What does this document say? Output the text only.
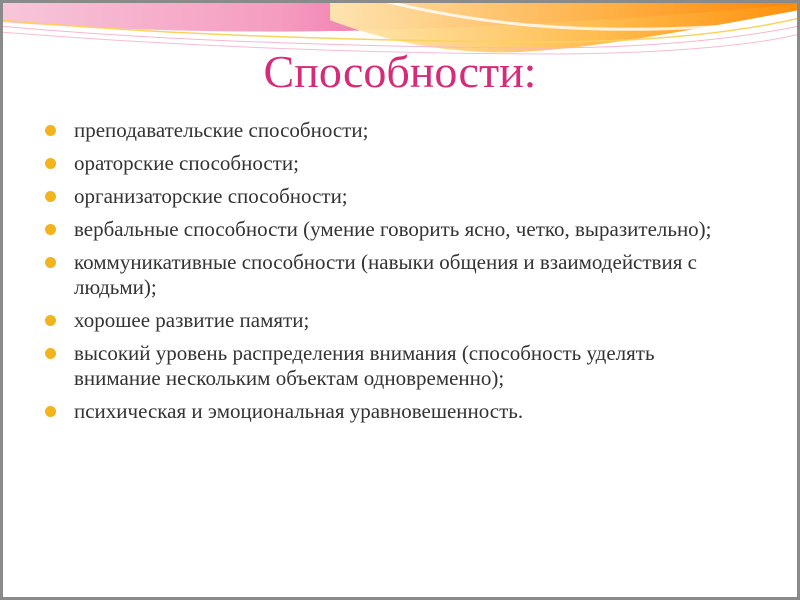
Способности:
преподавательские способности;
ораторские способности;
организаторские способности;
вербальные способности (умение говорить ясно, четко, выразительно);
коммуникативные способности (навыки общения и взаимодействия с людьми);
хорошее развитие памяти;
высокий уровень распределения внимания (способность уделять внимание нескольким объектам одновременно);
психическая и эмоциональная уравновешенность.
